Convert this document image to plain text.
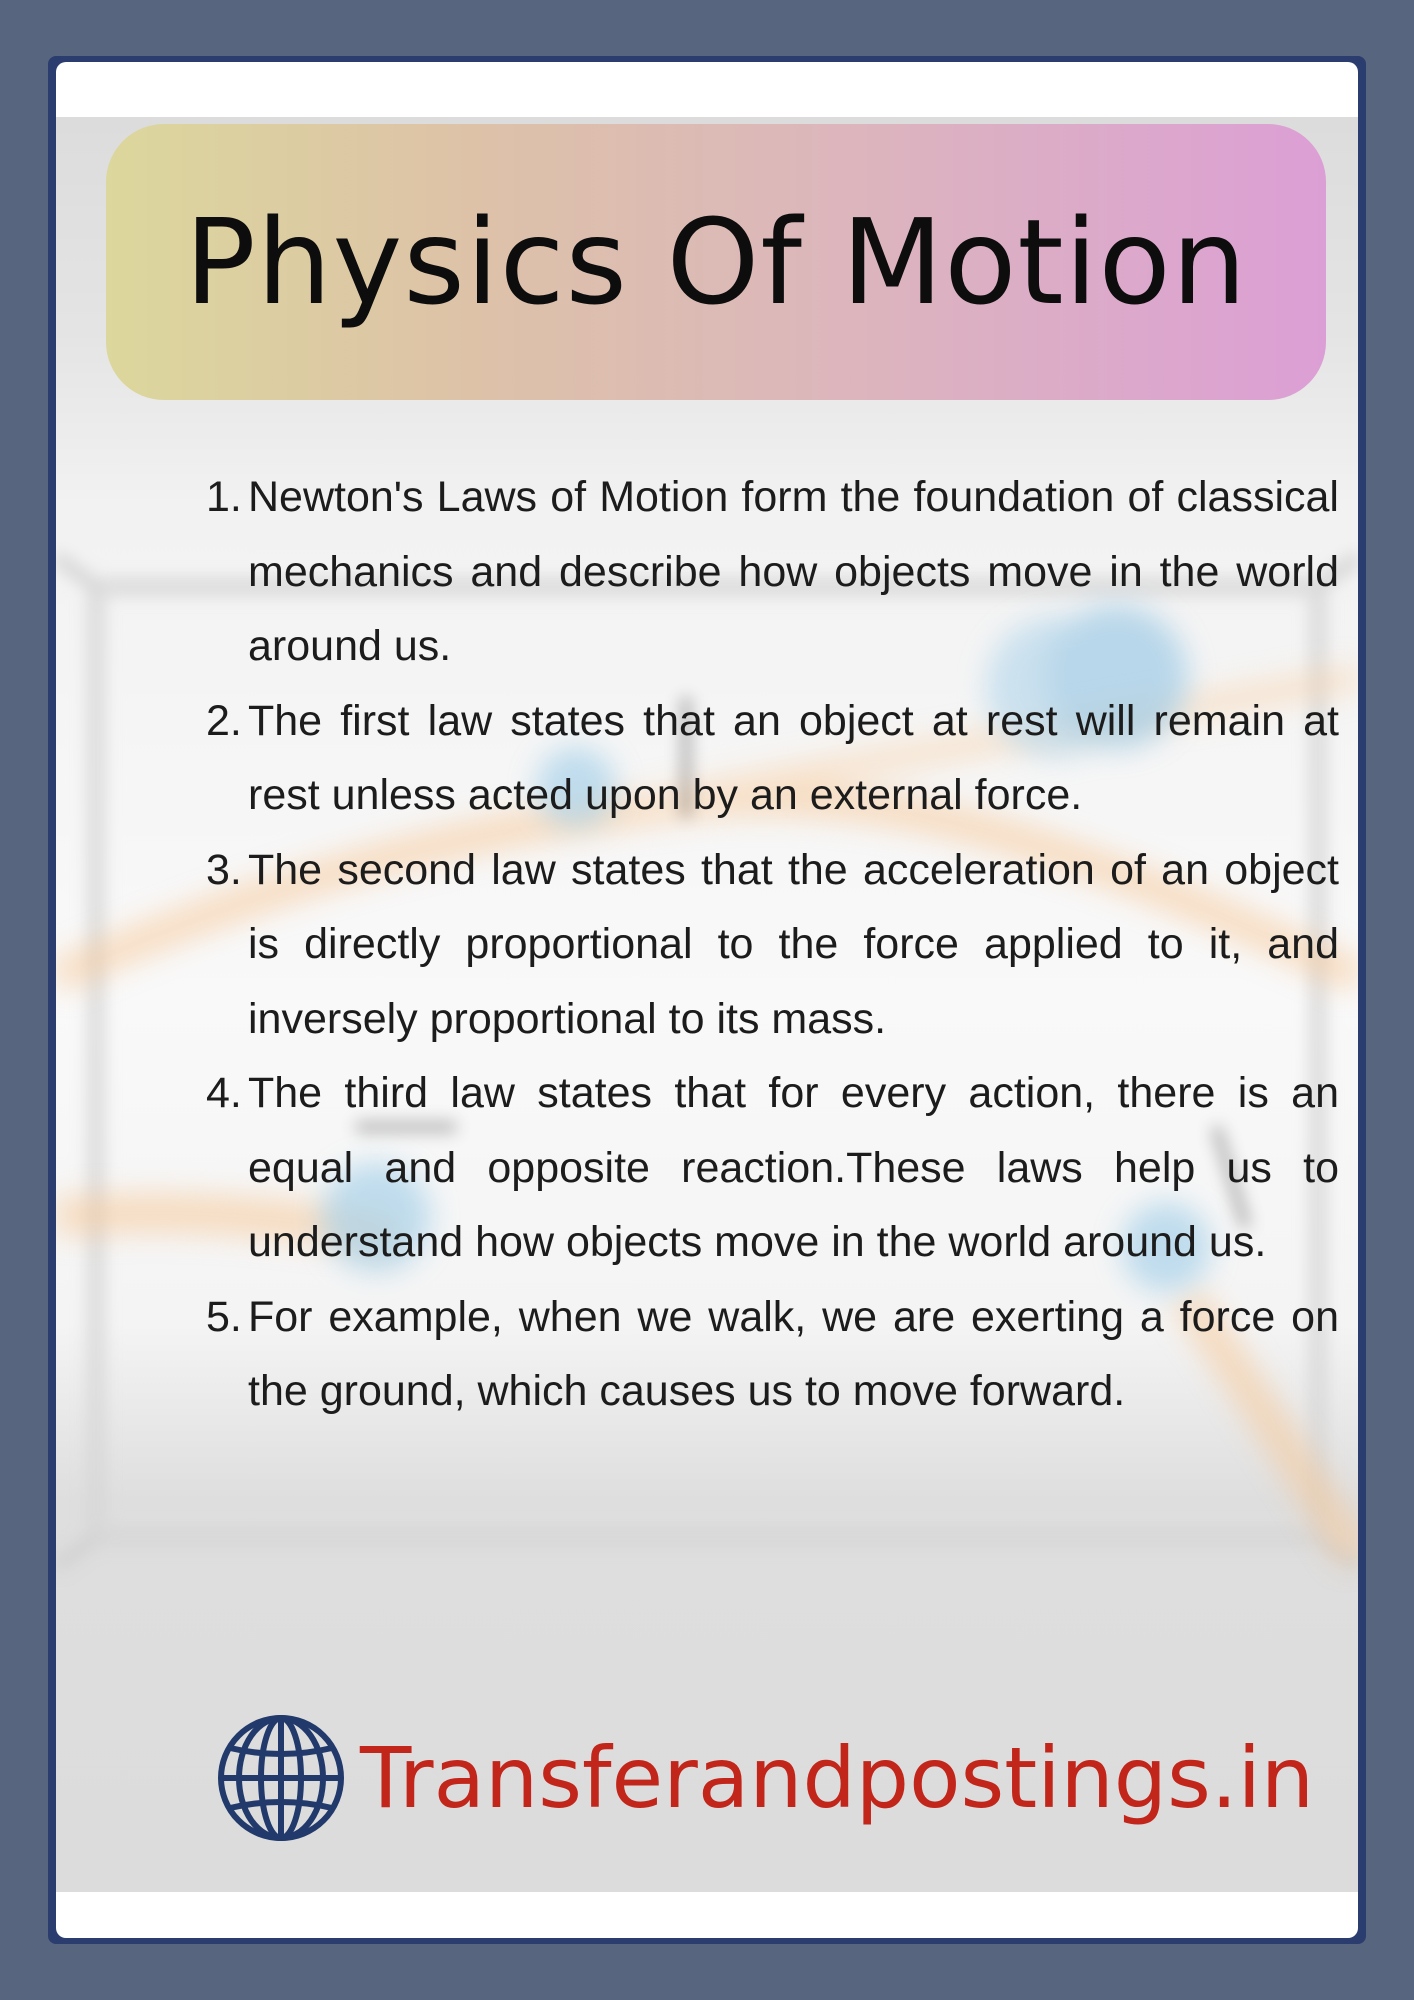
Physics Of Motion
1. Newton's Laws of Motion form the foundation of classical mechanics and describe how objects move in the world around us.
2. The first law states that an object at rest will remain at rest unless acted upon by an external force.
3. The second law states that the acceleration of an object is directly proportional to the force applied to it, and inversely proportional to its mass.
4. The third law states that for every action, there is an equal and opposite reaction.These laws help us to understand how objects move in the world around us.
5. For example, when we walk, we are exerting a force on the ground, which causes us to move forward.
Transferandpostings.in
